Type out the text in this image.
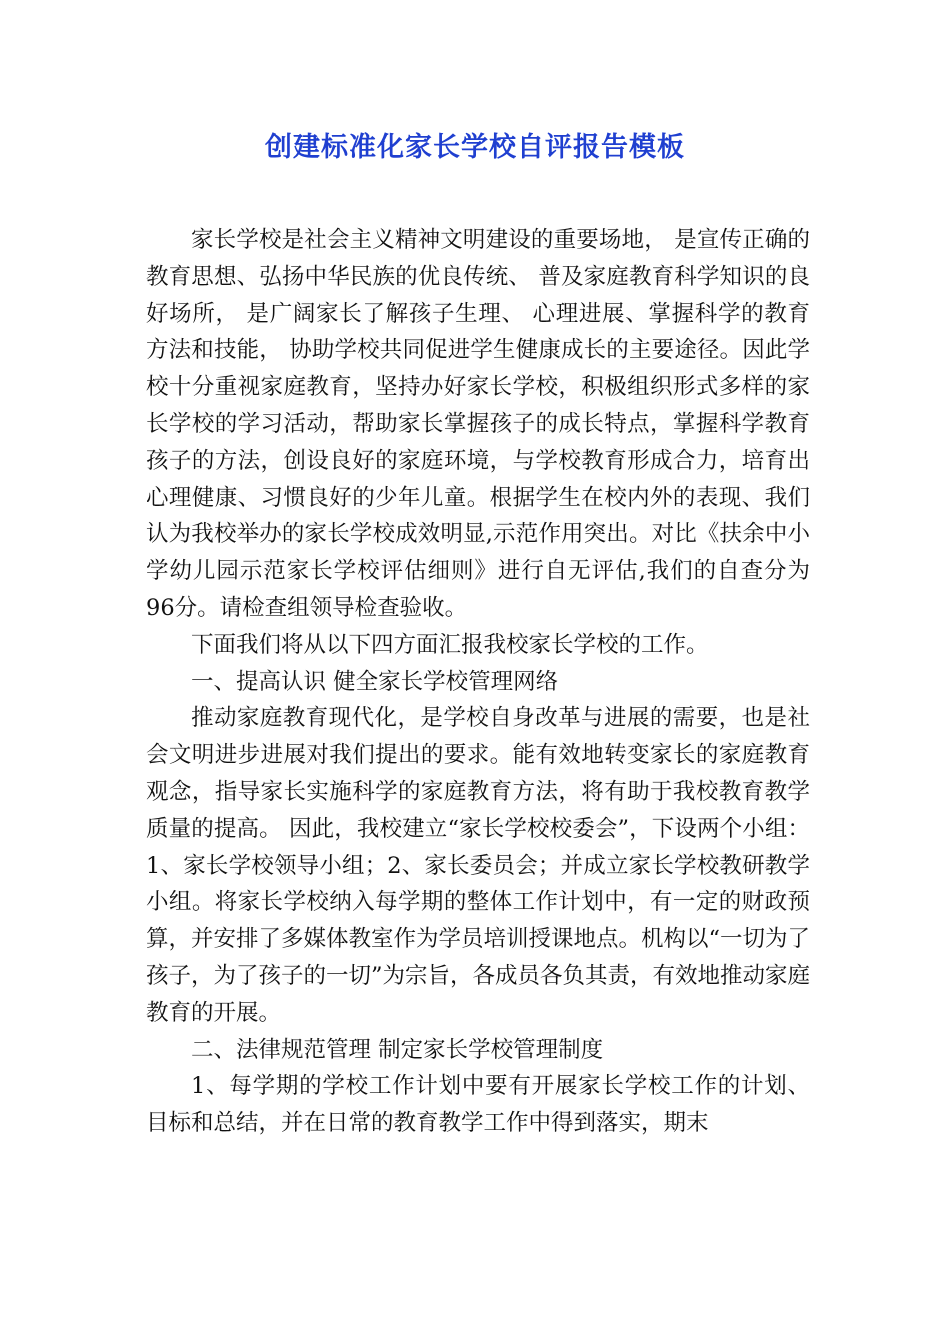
创建标准化家长学校自评报告模板

家长学校是社会主义精神文明建设的重要场地， 是宣传正确的教育思想、弘扬中华民族的优良传统、 普及家庭教育科学知识的良好场所， 是广阔家长了解孩子生理、 心理进展、掌握科学的教育方法和技能， 协助学校共同促进学生健康成长的主要途径。因此学校十分重视家庭教育，坚持办好家长学校，积极组织形式多样的家长学校的学习活动，帮助家长掌握孩子的成长特点，掌握科学教育孩子的方法，创设良好的家庭环境，与学校教育形成合力，培育出心理健康、习惯良好的少年儿童。根据学生在校内外的表现、我们认为我校举办的家长学校成效明显,示范作用突出。对比《扶余中小学幼儿园示范家长学校评估细则》进行自无评估,我们的自查分为96分。请检查组领导检查验收。

下面我们将从以下四方面汇报我校家长学校的工作。

一、提高认识 健全家长学校管理网络

推动家庭教育现代化，是学校自身改革与进展的需要，也是社会文明进步进展对我们提出的要求。能有效地转变家长的家庭教育观念，指导家长实施科学的家庭教育方法，将有助于我校教育教学质量的提高。 因此，我校建立“家长学校校委会”，下设两个小组：1、家长学校领导小组；2、家长委员会；并成立家长学校教研教学小组。将家长学校纳入每学期的整体工作计划中，有一定的财政预算，并安排了多媒体教室作为学员培训授课地点。机构以“一切为了孩子，为了孩子的一切”为宗旨，各成员各负其责，有效地推动家庭教育的开展。

二、法律规范管理 制定家长学校管理制度

1、每学期的学校工作计划中要有开展家长学校工作的计划、目标和总结，并在日常的教育教学工作中得到落实，期末
